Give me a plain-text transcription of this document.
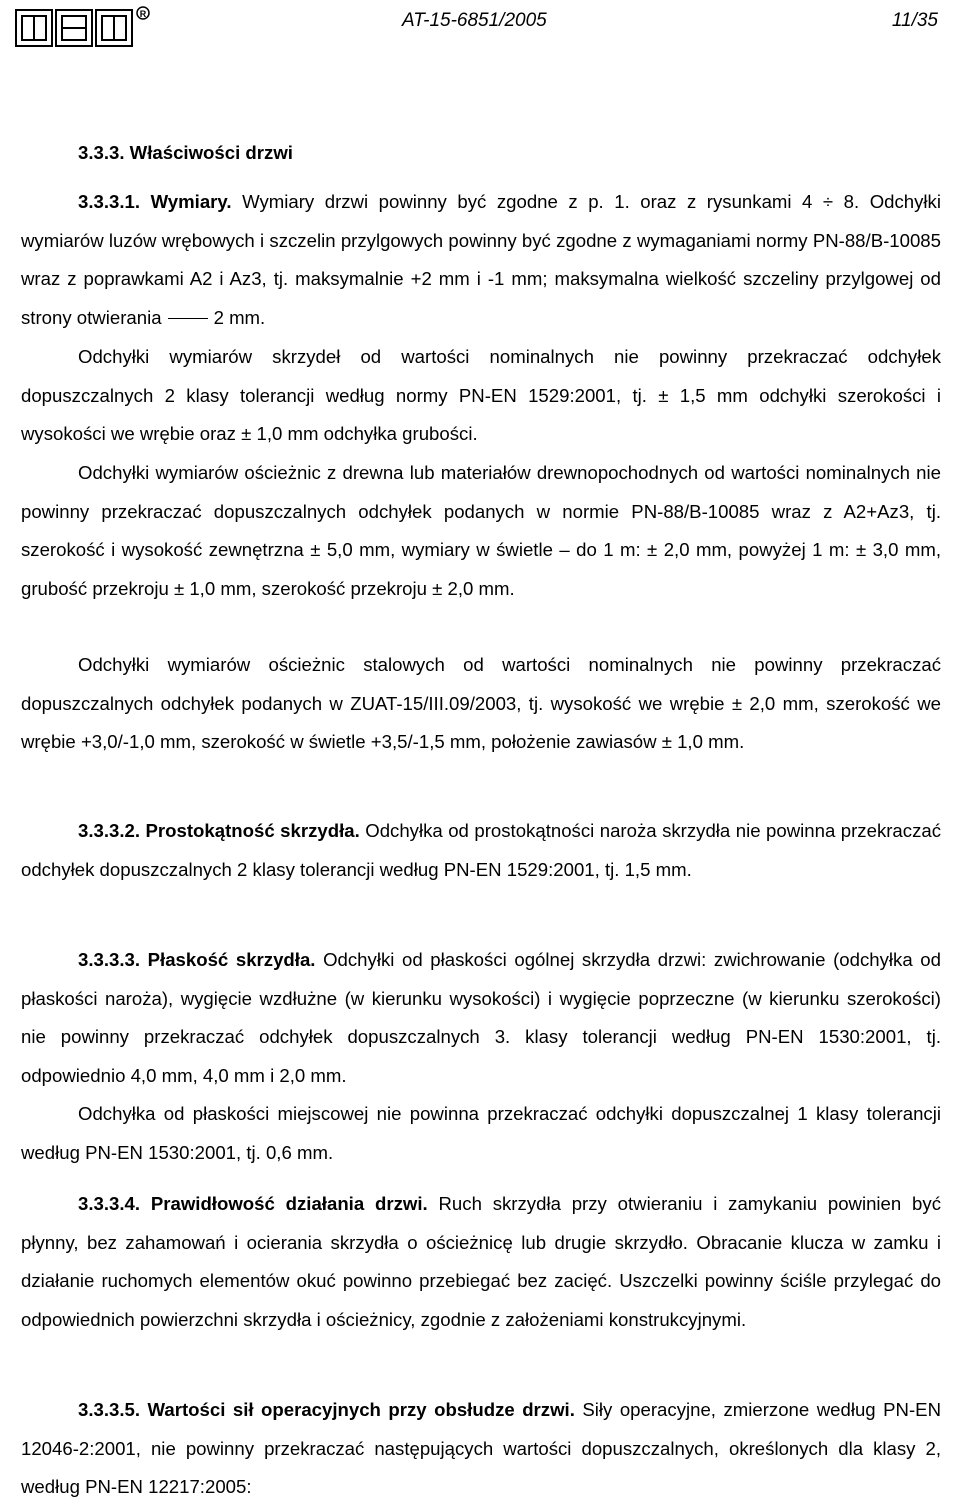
R	AT-15-6851/2005	11/35

3.3.3. Właściwości drzwi

3.3.3.1. Wymiary. Wymiary drzwi powinny być zgodne z p. 1. oraz z rysunkami 4 ÷ 8. Odchyłki wymiarów luzów wrębowych i szczelin przylgowych powinny być zgodne z wymaganiami normy PN-88/B-10085 wraz z poprawkami A2 i Az3, tj. maksymalnie +2 mm i -1 mm; maksymalna wielkość szczeliny przylgowej od strony otwierania	2 mm.

Odchyłki wymiarów skrzydeł od wartości nominalnych nie powinny przekraczać odchyłek dopuszczalnych 2 klasy tolerancji według normy PN-EN 1529:2001, tj. ± 1,5 mm odchyłki szerokości i wysokości we wrębie oraz ± 1,0 mm odchyłka grubości.

Odchyłki wymiarów ościeżnic z drewna lub materiałów drewnopochodnych od wartości nominalnych nie powinny przekraczać dopuszczalnych odchyłek podanych w normie PN-88/B-10085 wraz z A2+Az3, tj. szerokość i wysokość zewnętrzna ± 5,0 mm, wymiary w świetle – do 1 m: ± 2,0 mm, powyżej 1 m: ± 3,0 mm, grubość przekroju ± 1,0 mm, szerokość przekroju ± 2,0 mm.

Odchyłki wymiarów ościeżnic stalowych od wartości nominalnych nie powinny przekraczać dopuszczalnych odchyłek podanych w ZUAT-15/III.09/2003, tj. wysokość we wrębie ± 2,0 mm, szerokość we wrębie +3,0/-1,0 mm, szerokość w świetle +3,5/-1,5 mm, położenie zawiasów ± 1,0 mm.

3.3.3.2. Prostokątność skrzydła. Odchyłka od prostokątności naroża skrzydła nie powinna przekraczać odchyłek dopuszczalnych 2 klasy tolerancji według PN-EN 1529:2001, tj. 1,5 mm.

3.3.3.3. Płaskość skrzydła. Odchyłki od płaskości ogólnej skrzydła drzwi: zwichrowanie (odchyłka od płaskości naroża), wygięcie wzdłużne (w kierunku wysokości) i wygięcie poprzeczne (w kierunku szerokości) nie powinny przekraczać odchyłek dopuszczalnych 3. klasy tolerancji według PN-EN 1530:2001, tj. odpowiednio 4,0 mm, 4,0 mm i 2,0 mm.

Odchyłka od płaskości miejscowej nie powinna przekraczać odchyłki dopuszczalnej 1 klasy tolerancji według PN-EN 1530:2001, tj. 0,6 mm.

3.3.3.4. Prawidłowość działania drzwi. Ruch skrzydła przy otwieraniu i zamykaniu powinien być płynny, bez zahamowań i ocierania skrzydła o ościeżnicę lub drugie skrzydło. Obracanie klucza w zamku i działanie ruchomych elementów okuć powinno przebiegać bez zacięć. Uszczelki powinny ściśle przylegać do odpowiednich powierzchni skrzydła i ościeżnicy, zgodnie z założeniami konstrukcyjnymi.

3.3.3.5. Wartości sił operacyjnych przy obsłudze drzwi. Siły operacyjne, zmierzone według PN-EN 12046-2:2001, nie powinny przekraczać następujących wartości dopuszczalnych, określonych dla klasy 2, według PN-EN 12217:2005:
